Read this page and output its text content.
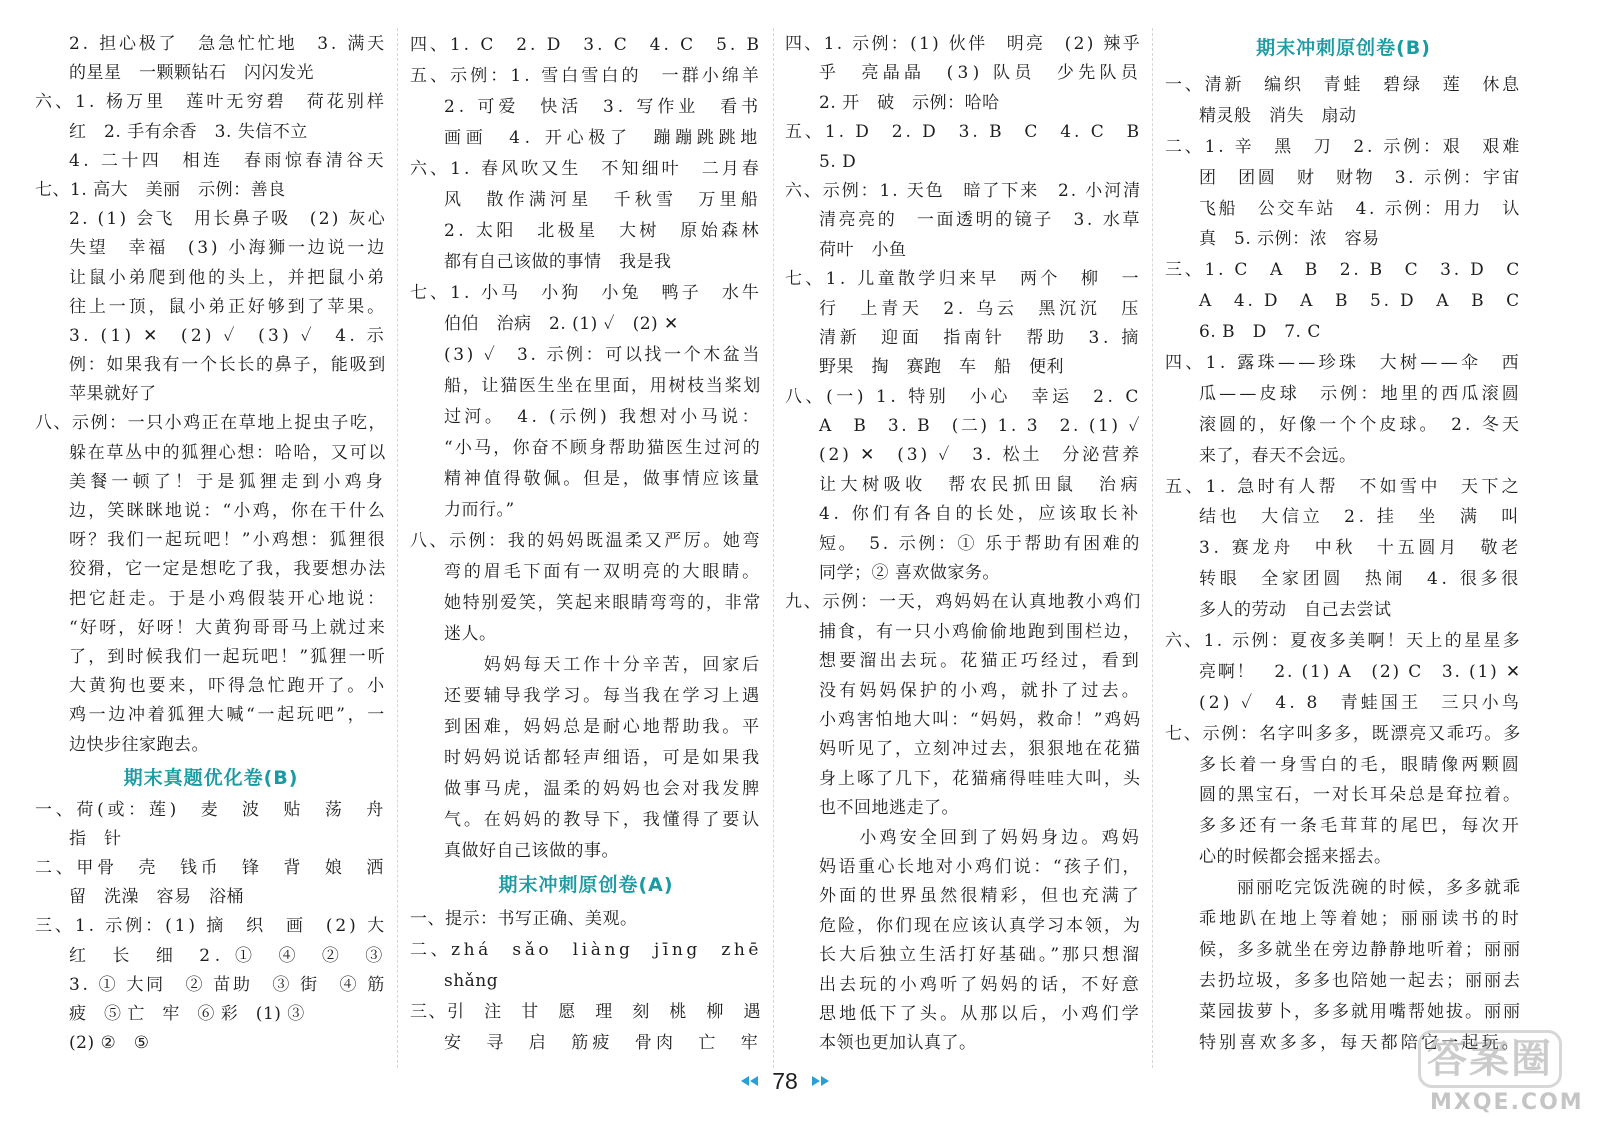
2. 担心极了　急急忙忙地　3. 满天
的星星　一颗颗钻石　闪闪发光
六、1. 杨万里　莲叶无穷碧　荷花别样
红　2. 手有余香　3. 失信不立
4. 二十四　相连　春雨惊春清谷天
七、1. 高大　美丽　示例：善良
2. (1) 会飞　用长鼻子吸　(2) 灰心
失望　幸福　(3) 小海狮一边说一边
让鼠小弟爬到他的头上，并把鼠小弟
往上一顶，鼠小弟正好够到了苹果。
3. (1) ✕　(2) ✓　(3) ✓　4. 示
例：如果我有一个长长的鼻子，能吸到
苹果就好了
八、示例：一只小鸡正在草地上捉虫子吃，
躲在草丛中的狐狸心想：哈哈，又可以
美餐一顿了！于是狐狸走到小鸡身
边，笑眯眯地说：“小鸡，你在干什么
呀？我们一起玩吧！”小鸡想：狐狸很
狡猾，它一定是想吃了我，我要想办法
把它赶走。于是小鸡假装开心地说：
“好呀，好呀！大黄狗哥哥马上就过来
了，到时候我们一起玩吧！”狐狸一听
大黄狗也要来，吓得急忙跑开了。小
鸡一边冲着狐狸大喊“一起玩吧”，一
边快步往家跑去。
期末真题优化卷(B)
一、荷(或：莲)　麦　波　贴　荡　舟
指　针
二、甲骨　壳　钱币　锋　背　娘　洒
留　洗澡　容易　浴桶
三、1. 示例：(1) 摘　织　画　(2) 大
红　长　细　2. ①　④　②　③
3. ① 大同　② 苗助　③ 街　④ 筋
疲　⑤ 亡　牢　⑥ 彩　(1) ③
(2) ②　⑤
四、1. C　2. D　3. C　4. C　5. B
五、示例：1. 雪白雪白的　一群小绵羊
2. 可爱　快活　3. 写作业　看书
画画　4. 开心极了　蹦蹦跳跳地
六、1. 春风吹又生　不知细叶　二月春
风　散作满河星　千秋雪　万里船
2. 太阳　北极星　大树　原始森林
都有自己该做的事情　我是我
七、1. 小马　小狗　小兔　鸭子　水牛
伯伯　治病　2. (1) ✓　(2) ✕
(3) ✓　3. 示例：可以找一个木盆当
船，让猫医生坐在里面，用树枝当桨划
过河。　4. (示例) 我想对小马说：
“小马，你奋不顾身帮助猫医生过河的
精神值得敬佩。但是，做事情应该量
力而行。”
八、示例：我的妈妈既温柔又严厉。她弯
弯的眉毛下面有一双明亮的大眼睛。
她特别爱笑，笑起来眼睛弯弯的，非常
迷人。
　　妈妈每天工作十分辛苦，回家后
还要辅导我学习。每当我在学习上遇
到困难，妈妈总是耐心地帮助我。平
时妈妈说话都轻声细语，可是如果我
做事马虎，温柔的妈妈也会对我发脾
气。在妈妈的教导下，我懂得了要认
真做好自己该做的事。
期末冲刺原创卷(A)
一、提示：书写正确、美观。
二、zhá　sǎo　liàng　jīng　zhē
shǎng
三、引　注　甘　愿　理　刻　桃　柳　遇
安　寻　启　筋疲　骨肉　亡　牢
四、1. 示例：(1) 伙伴　明亮　(2) 辣乎
乎　亮晶晶　(3) 队员　少先队员
2. 开　破　示例：哈哈
五、1. D　2. D　3. B　C　4. C　B
5. D
六、示例：1. 天色　暗了下来　2. 小河清
清亮亮的　一面透明的镜子　3. 水草
荷叶　小鱼
七、1. 儿童散学归来早　两个　柳　一
行　上青天　2. 乌云　黑沉沉　压
清新　迎面　指南针　帮助　3. 摘
野果　掏　赛跑　车　船　便利
八、(一) 1. 特别　小心　幸运　2. C
A　B　3. B　(二) 1. 3　2. (1) ✓
(2) ✕　(3) ✓　3. 松土　分泌营养
让大树吸收　帮农民抓田鼠　治病
4. 你们有各自的长处，应该取长补
短。　5. 示例：① 乐于帮助有困难的
同学；② 喜欢做家务。
九、示例：一天，鸡妈妈在认真地教小鸡们
捕食，有一只小鸡偷偷地跑到围栏边，
想要溜出去玩。花猫正巧经过，看到
没有妈妈保护的小鸡，就扑了过去。
小鸡害怕地大叫：“妈妈，救命！”鸡妈
妈听见了，立刻冲过去，狠狠地在花猫
身上啄了几下，花猫痛得哇哇大叫，头
也不回地逃走了。
　　小鸡安全回到了妈妈身边。鸡妈
妈语重心长地对小鸡们说：“孩子们，
外面的世界虽然很精彩，但也充满了
危险，你们现在应该认真学习本领，为
长大后独立生活打好基础。”那只想溜
出去玩的小鸡听了妈妈的话，不好意
思地低下了头。从那以后，小鸡们学
本领也更加认真了。
期末冲刺原创卷(B)
一、清新　编织　青蛙　碧绿　莲　休息
精灵般　消失　扇动
二、1. 辛　黑　刀　2. 示例：艰　艰难
团　团圆　财　财物　3. 示例：宇宙
飞船　公交车站　4. 示例：用力　认
真　5. 示例：浓　容易
三、1. C　A　B　2. B　C　3. D　C
A　4. D　A　B　5. D　A　B　C
6. B　D　7. C
四、1. 露珠——珍珠　大树——伞　西
瓜——皮球　示例：地里的西瓜滚圆
滚圆的，好像一个个皮球。　2. 冬天
来了，春天不会远。
五、1. 急时有人帮　不如雪中　天下之
结也　大信立　2. 挂　坐　满　叫
3. 赛龙舟　中秋　十五圆月　敬老
转眼　全家团圆　热闹　4. 很多很
多人的劳动　自己去尝试
六、1. 示例：夏夜多美啊！天上的星星多
亮啊！　2. (1) A　(2) C　3. (1) ✕
(2) ✓　4. 8　青蛙国王　三只小鸟
七、示例：名字叫多多，既漂亮又乖巧。多
多长着一身雪白的毛，眼睛像两颗圆
圆的黑宝石，一对长耳朵总是耷拉着。
多多还有一条毛茸茸的尾巴，每次开
心的时候都会摇来摇去。
　　丽丽吃完饭洗碗的时候，多多就乖
乖地趴在地上等着她；丽丽读书的时
候，多多就坐在旁边静静地听着；丽丽
去扔垃圾，多多也陪她一起去；丽丽去
菜园拔萝卜，多多就用嘴帮她拔。丽丽
特别喜欢多多，每天都陪它一起玩。
78	答案圈
MXQE.COM
